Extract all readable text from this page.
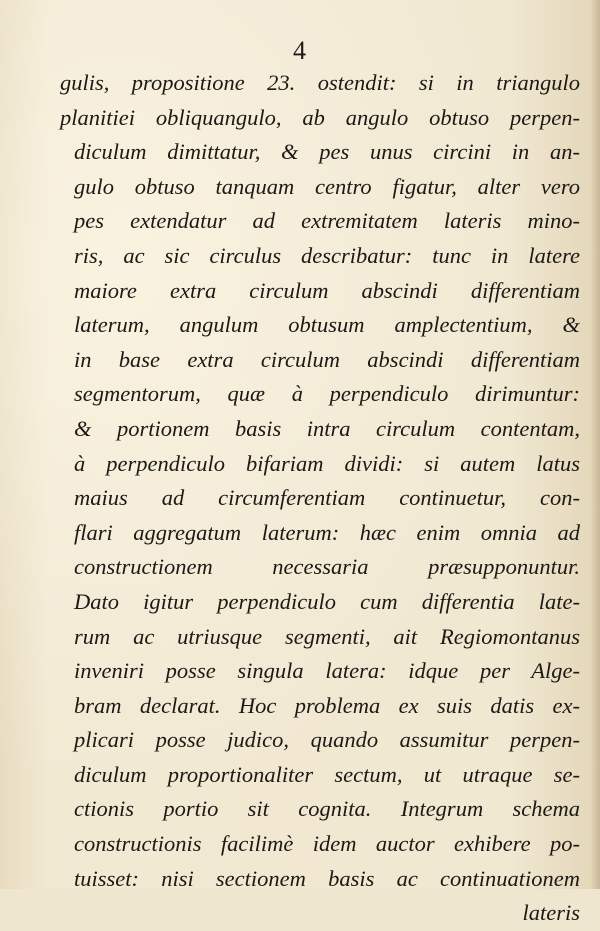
4
gulis, propositione 23. ostendit: si in triangulo
planitiei obliquangulo, ab angulo obtuso perpen-
diculum dimittatur, & pes unus circini in an-
gulo obtuso tanquam centro figatur, alter vero
pes extendatur ad extremitatem lateris mino-
ris, ac sic circulus describatur: tunc in latere
maiore extra circulum abscindi differentiam
laterum, angulum obtusum amplectentium, &
in base extra circulum abscindi differentiam
segmentorum, quæ à perpendiculo dirimuntur:
& portionem basis intra circulum contentam,
à perpendiculo bifariam dividi: si autem latus
maius ad circumferentiam continuetur, con-
flari aggregatum laterum: hæc enim omnia ad
constructionem necessaria præsupponuntur.
Dato igitur perpendiculo cum differentia late-
rum ac utriusque segmenti, ait Regiomontanus
inveniri posse singula latera: idque per Alge-
bram declarat. Hoc problema ex suis datis ex-
plicari posse judico, quando assumitur perpen-
diculum proportionaliter sectum, ut utraque se-
ctionis portio sit cognita. Integrum schema
constructionis facilimè idem auctor exhibere po-
tuisset: nisi sectionem basis ac continuationem
lateris
